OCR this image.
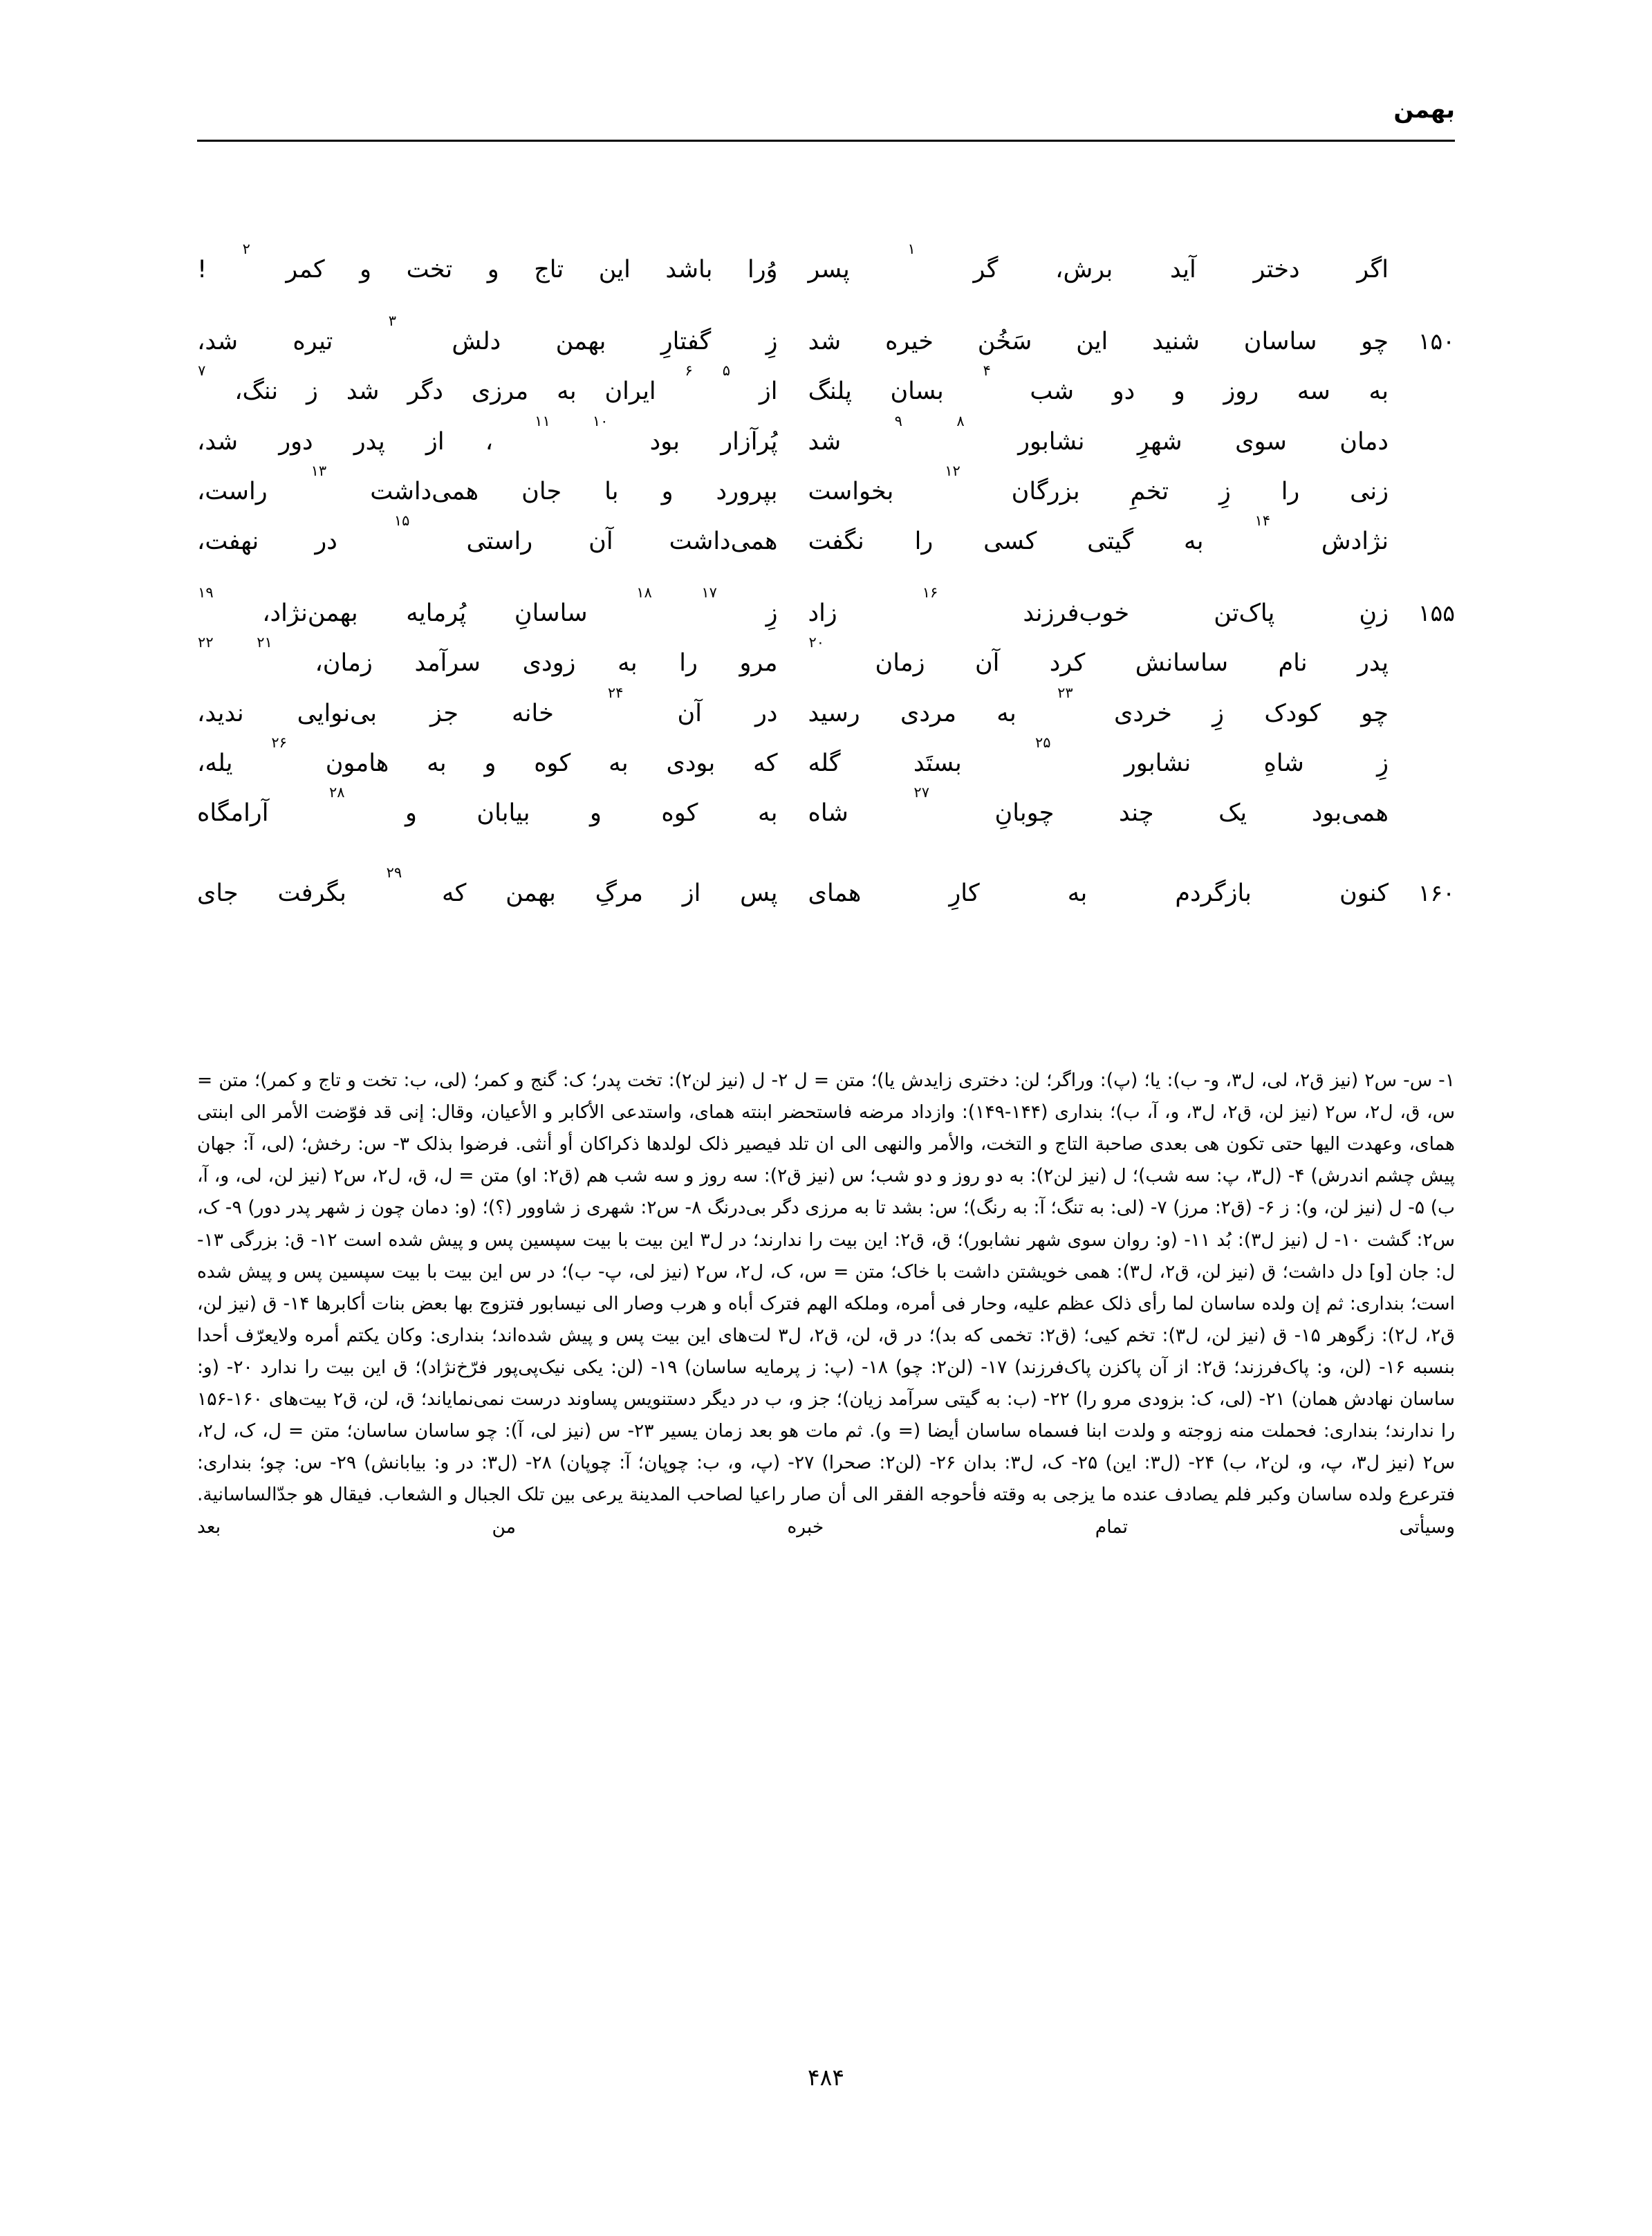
بهمن
اگر
دختر
آید
برش،
گر
۱
پسر
وُرا
باشد
این
تاج
و
تخت
و
کمر
۲
!
۱۵۰
چو
ساسان
شنید
این
سَخُن
خیره
شد
زِ
گفتارِ
بهمن
دلش
۳
تیره
شد،
به
سه
روز
و
دو
شب
۴
بسان
پلنگ
از
۵
۶
ایران
به
مرزی
دگر
شد
ز
ننگ،
۷
دمان
سوی
شهرِ
نشابور
۸
۹
شد
پُرآزار
بود
۱۰
۱۱
،
از
پدر
دور
شد،
زنی
را
زِ
تخمِ
بزرگان
۱۲
بخواست
بپرورد
و
با
جان
همی‌داشت
۱۳
راست،
نژادش
۱۴
به
گیتی
کسی
را
نگفت
همی‌داشت
آن
راستی
۱۵
در
نهفت،
۱۵۵
زنِ
پاک‌تن
خوب‌فرزند
۱۶
زاد
زِ
۱۷
۱۸
ساسانِ
پُرمایه
بهمن‌نژاد،
۱۹
پدر
نام
ساسانش
کرد
آن
زمان
۲۰
مرو
را
به
زودی
سرآمد
زمان،
۲۱
۲۲
چو
کودک
زِ
خردی
۲۳
به
مردی
رسید
در
آن
۲۴
خانه
جز
بی‌نوایی
ندید،
زِ
شاهِ
نشابور
۲۵
بستَد
گله
که
بودی
به
کوه
و
به
هامون
۲۶
یله،
همی‌بود
یک
چند
چوبانِ
۲۷
شاه
به
کوه
و
بیابان
و
۲۸
آرامگاه
۱۶۰
کنون
بازگردم
به
کارِ
همای
پس
از
مرگِ
بهمن
که
۲۹
بگرفت
جای

۱- س- س۲ (نیز ق۲، لی، ل۳، و- ب): یا؛ (پ): وراگر؛ لن: دختری زایدش یا)؛ متن = ل ۲- ل (نیز لن۲): تخت پدر؛ ک: گنج و کمر؛ (لی، ب: تخت و تاج و کمر)؛ متن = س، ق، ل۲، س۲ (نیز لن، ق۲، ل۳، و، آ، ب)؛ بنداری (۱۴۴-۱۴۹): وازداد مرضه فاستحضر ابنته همای، واستدعی الأکابر و الأعیان، وقال: إنی قد فوّضت الأمر الی ابنتی همای، وعهدت الیها حتی تکون هی بعدی صاحبة التاج و التخت، والأمر والنهی الی ان تلد فیصیر ذلک لولدها ذکراکان أو أنثی. فرضوا بذلک ۳- س: رخش؛ (لی، آ: جهان پیش چشم اندرش) ۴- (ل۳، پ: سه شب)؛ ل (نیز لن۲): به دو روز و دو شب؛ س (نیز ق۲): سه روز و سه شب هم (ق۲: او) متن = ل، ق، ل۲، س۲ (نیز لن، لی، و، آ، ب) ۵- ل (نیز لن، و): ز ۶- (ق۲: مرز) ۷- (لی: به تنگ؛ آ: به رنگ)؛ س: بشد تا به مرزی دگر بی‌درنگ ۸- س۲: شهری ز شاوور (؟)؛ (و: دمان چون ز شهر پدر دور) ۹- ک، س۲: گشت ۱۰- ل (نیز ل۳): بُد ۱۱- (و: روان سوی شهر نشابور)؛ ق، ق۲: این بیت را ندارند؛ در ل۳ این بیت با بیت سپسین پس و پیش شده است ۱۲- ق: بزرگی ۱۳- ل: جان [و] دل داشت؛ ق (نیز لن، ق۲، ل۳): همی خویشتن داشت با خاک؛ متن = س، ک، ل۲، س۲ (نیز لی، پ- ب)؛ در س این بیت با بیت سپسین پس و پیش شده است؛ بنداری: ثم إن ولده ساسان لما رأی ذلک عظم علیه، وحار فی أمره، وملکه الهم فترک أباه و هرب وصار الی نیسابور فتزوج بها بعض بنات أکابرها ۱۴- ق (نیز لن، ق۲، ل۲): زگوهر ۱۵- ق (نیز لن، ل۳): تخم کیی؛ (ق۲: تخمی که بد)؛ در ق، لن، ق۲، ل۳ لت‌های این بیت پس و پیش شده‌اند؛ بنداری: وکان یکتم أمره ولایعرّف أحدا بنسبه ۱۶- (لن، و: پاک‌فرزند؛ ق۲: از آن پاکزن پاک‌فرزند) ۱۷- (لن۲: چو) ۱۸- (پ: ز پرمایه ساسان) ۱۹- (لن: یکی نیک‌پی‌پور فرّخ‌نژاد)؛ ق این بیت را ندارد ۲۰- (و: ساسان نهادش همان) ۲۱- (لی، ک: بزودی مرو را) ۲۲- (ب: به گیتی سرآمد زیان)؛ جز و، ب در دیگر دستنویس پساوند درست نمی‌نمایاند؛ ق، لن، ق۲ بیت‌های ۱۶۰-۱۵۶ را ندارند؛ بنداری: فحملت منه زوجته و ولدت ابنا فسماه ساسان أیضا (= و). ثم مات هو بعد زمان یسیر ۲۳- س (نیز لی، آ): چو ساسان ساسان؛ متن = ل، ک، ل۲، س۲ (نیز ل۳، پ، و، لن۲، ب) ۲۴- (ل۳: این) ۲۵- ک، ل۳: بدان ۲۶- (لن۲: صحرا) ۲۷- (پ، و، ب: چوپان؛ آ: چوپان) ۲۸- (ل۳: در و: بیابانش) ۲۹- س: چو؛ بنداری: فترعرع ولده ساسان وکبر فلم یصادف عنده ما یزجی به وقته فأحوجه الفقر الی أن صار راعیا لصاحب المدینة یرعی بین تلک الجبال و الشعاب. فیقال هو جدّالساسانیة. وسیأتی تمام خبره من بعد

۴۸۴
